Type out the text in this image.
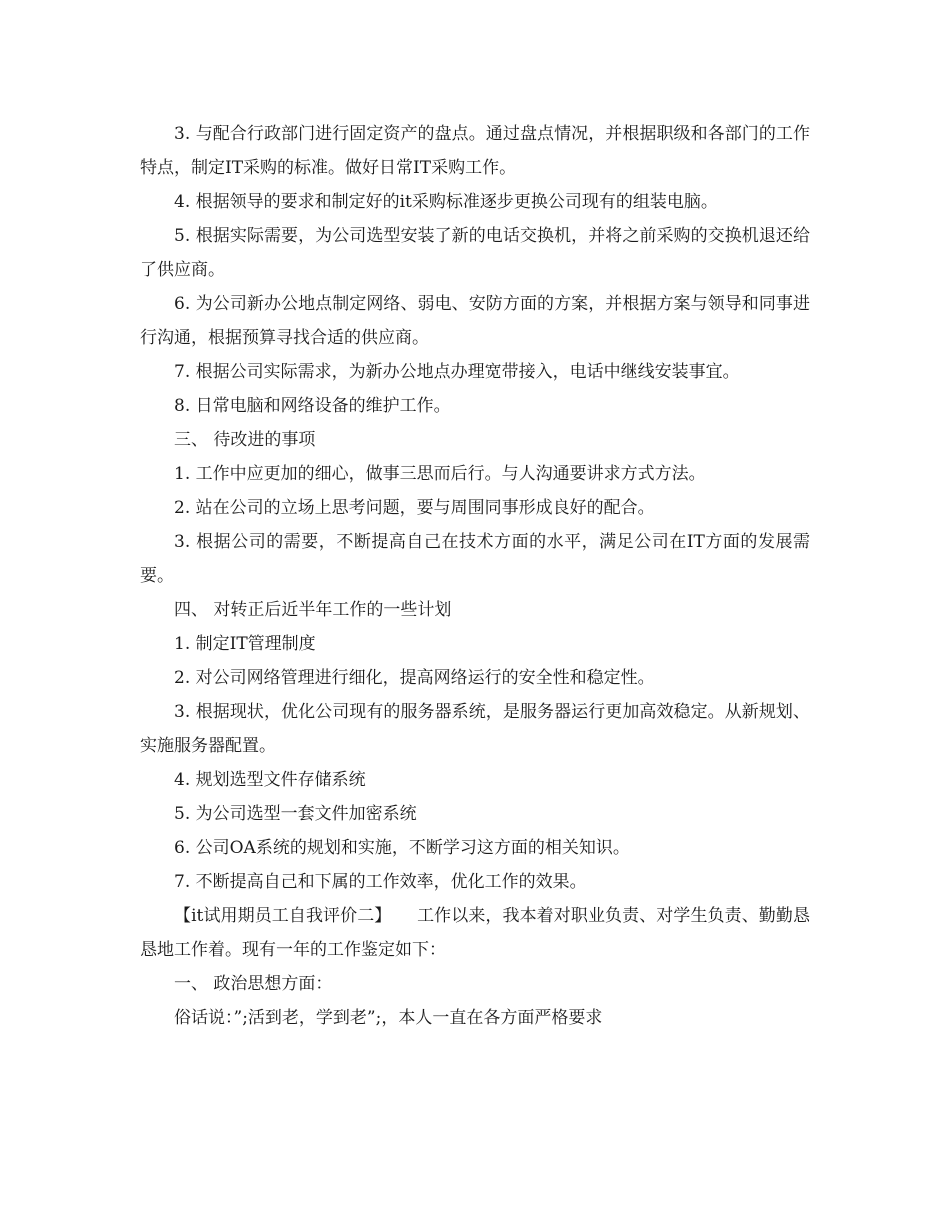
3. 与配合行政部门进行固定资产的盘点。通过盘点情况，并根据职级和各部门的工作特点，制定IT采购的标准。做好日常IT采购工作。

4. 根据领导的要求和制定好的it采购标准逐步更换公司现有的组装电脑。

5. 根据实际需要，为公司选型安装了新的电话交换机，并将之前采购的交换机退还给了供应商。

6. 为公司新办公地点制定网络、弱电、安防方面的方案，并根据方案与领导和同事进行沟通，根据预算寻找合适的供应商。

7. 根据公司实际需求，为新办公地点办理宽带接入，电话中继线安装事宜。

8. 日常电脑和网络设备的维护工作。

三、 待改进的事项

1. 工作中应更加的细心，做事三思而后行。与人沟通要讲求方式方法。

2. 站在公司的立场上思考问题，要与周围同事形成良好的配合。

3. 根据公司的需要，不断提高自己在技术方面的水平，满足公司在IT方面的发展需要。

四、 对转正后近半年工作的一些计划

1. 制定IT管理制度

2. 对公司网络管理进行细化，提高网络运行的安全性和稳定性。

3. 根据现状，优化公司现有的服务器系统，是服务器运行更加高效稳定。从新规划、实施服务器配置。

4. 规划选型文件存储系统

5. 为公司选型一套文件加密系统

6. 公司OA系统的规划和实施，不断学习这方面的相关知识。

7. 不断提高自己和下属的工作效率，优化工作的效果。

【it试用期员工自我评价二】　　工作以来，我本着对职业负责、对学生负责、勤勤恳恳地工作着。现有一年的工作鉴定如下：

一、 政治思想方面：

俗话说：”;活到老，学到老”;，本人一直在各方面严格要求
